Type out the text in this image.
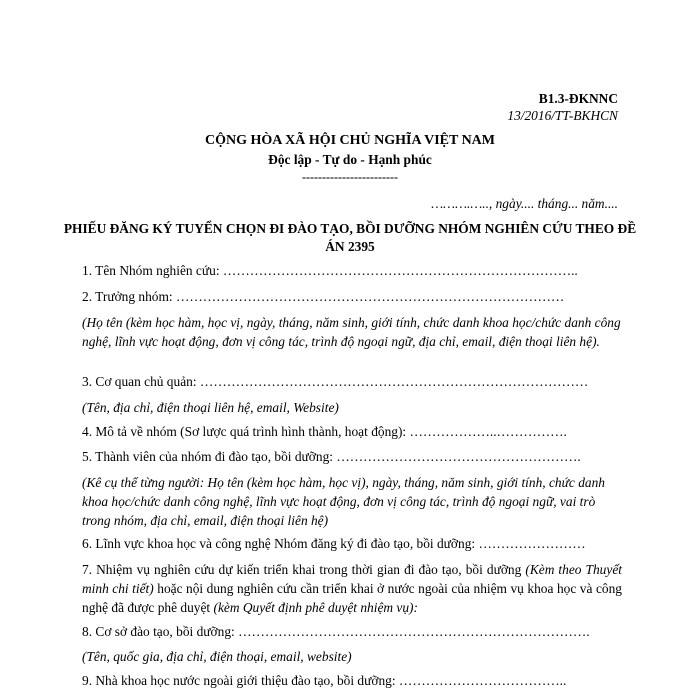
B1.3-ĐKNNC
13/2016/TT-BKHCN
CỘNG HÒA XÃ HỘI CHỦ NGHĨA VIỆT NAM
Độc lập - Tự do - Hạnh phúc
------------------------
……….….., ngày.... tháng... năm....
PHIẾU ĐĂNG KÝ TUYỂN CHỌN ĐI ĐÀO TẠO, BỒI DƯỠNG NHÓM NGHIÊN CỨU THEO ĐỀ ÁN 2395
1. Tên Nhóm nghiên cứu: ……………………………………………………………………..
2. Trưởng nhóm: ……………………………………………………………………………
(Họ tên (kèm học hàm, học vị, ngày, tháng, năm sinh, giới tính, chức danh khoa học/chức danh công nghệ, lĩnh vực hoạt động, đơn vị công tác, trình độ ngoại ngữ, địa chỉ, email, điện thoại liên hệ).
3. Cơ quan chủ quản: ……………………………………………………………………………
(Tên, địa chỉ, điện thoại liên hệ, email, Website)
4. Mô tả về nhóm (Sơ lược quá trình hình thành, hoạt động): ………………..…………….
5. Thành viên của nhóm đi đào tạo, bồi dưỡng: ……………………………………………….
(Kê cụ thể từng người: Họ tên (kèm học hàm, học vị), ngày, tháng, năm sinh, giới tính, chức danh khoa học/chức danh công nghệ, lĩnh vực hoạt động, đơn vị công tác, trình độ ngoại ngữ, vai trò trong nhóm, địa chỉ, email, điện thoại liên hệ)
6. Lĩnh vực khoa học và công nghệ Nhóm đăng ký đi đào tạo, bồi dưỡng: ……………………
7. Nhiệm vụ nghiên cứu dự kiến triển khai trong thời gian đi đào tạo, bồi dưỡng (Kèm theo Thuyết minh chi tiết) hoặc nội dung nghiên cứu cần triển khai ở nước ngoài của nhiệm vụ khoa học và công nghệ đã được phê duyệt (kèm Quyết định phê duyệt nhiệm vụ):
8. Cơ sở đào tạo, bồi dưỡng: …………………………………………………………………….
(Tên, quốc gia, địa chỉ, điện thoại, email, website)
9. Nhà khoa học nước ngoài giới thiệu đào tạo, bồi dưỡng: ………………………………..
